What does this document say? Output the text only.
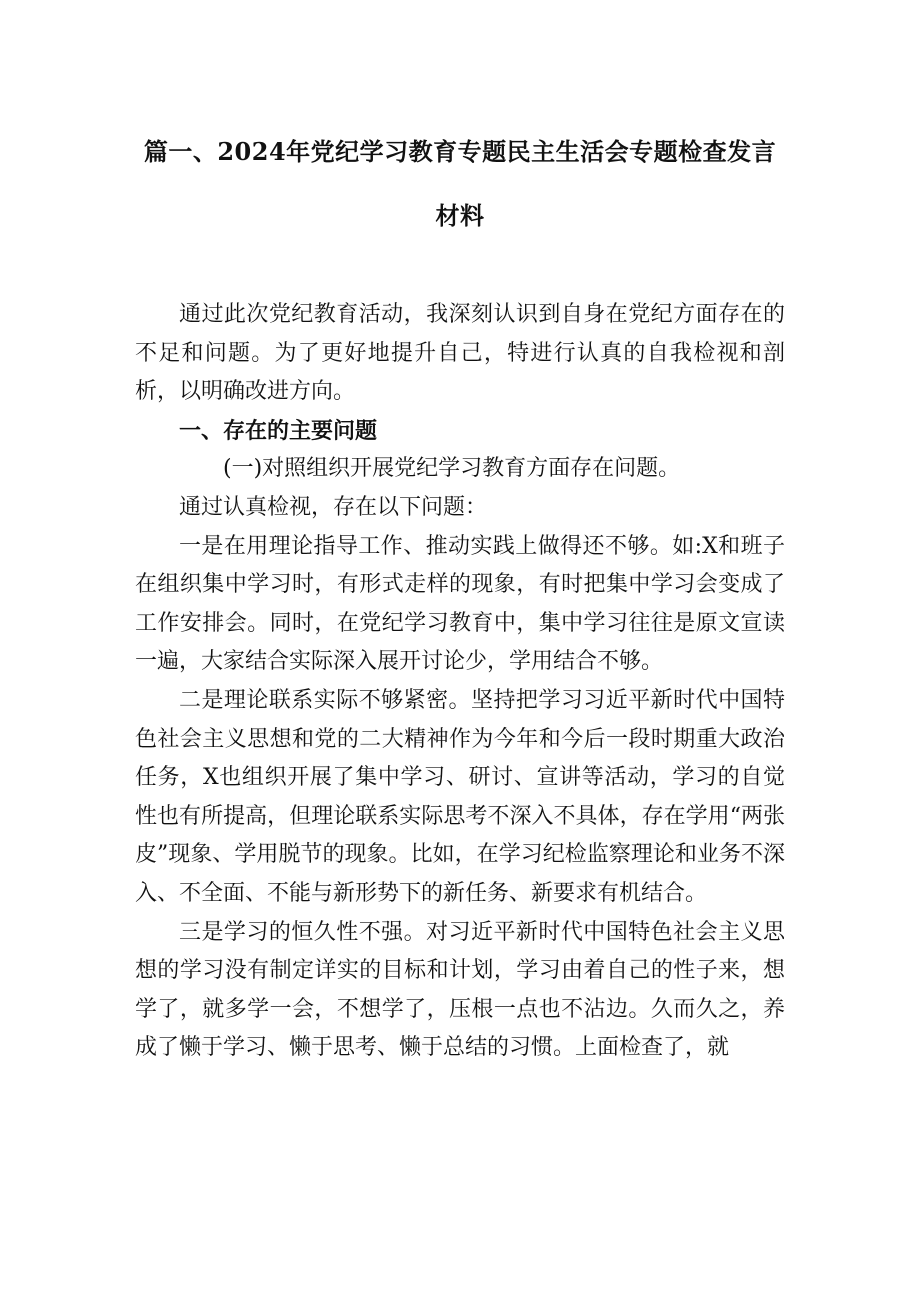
篇一、2024年党纪学习教育专题民主生活会专题检查发言
材料

通过此次党纪教育活动，我深刻认识到自身在党纪方面存在的不足和问题。为了更好地提升自己，特进行认真的自我检视和剖析，以明确改进方向。

一、存在的主要问题

(一)对照组织开展党纪学习教育方面存在问题。

通过认真检视，存在以下问题：

一是在用理论指导工作、推动实践上做得还不够。如:X和班子在组织集中学习时，有形式走样的现象，有时把集中学习会变成了工作安排会。同时，在党纪学习教育中，集中学习往往是原文宣读一遍，大家结合实际深入展开讨论少，学用结合不够。

二是理论联系实际不够紧密。坚持把学习习近平新时代中国特色社会主义思想和党的二大精神作为今年和今后一段时期重大政治任务，X也组织开展了集中学习、研讨、宣讲等活动，学习的自觉性也有所提高，但理论联系实际思考不深入不具体，存在学用“两张皮”现象、学用脱节的现象。比如，在学习纪检监察理论和业务不深入、不全面、不能与新形势下的新任务、新要求有机结合。

三是学习的恒久性不强。对习近平新时代中国特色社会主义思想的学习没有制定详实的目标和计划，学习由着自己的性子来，想学了，就多学一会，不想学了，压根一点也不沾边。久而久之，养成了懒于学习、懒于思考、懒于总结的习惯。上面检查了，就
